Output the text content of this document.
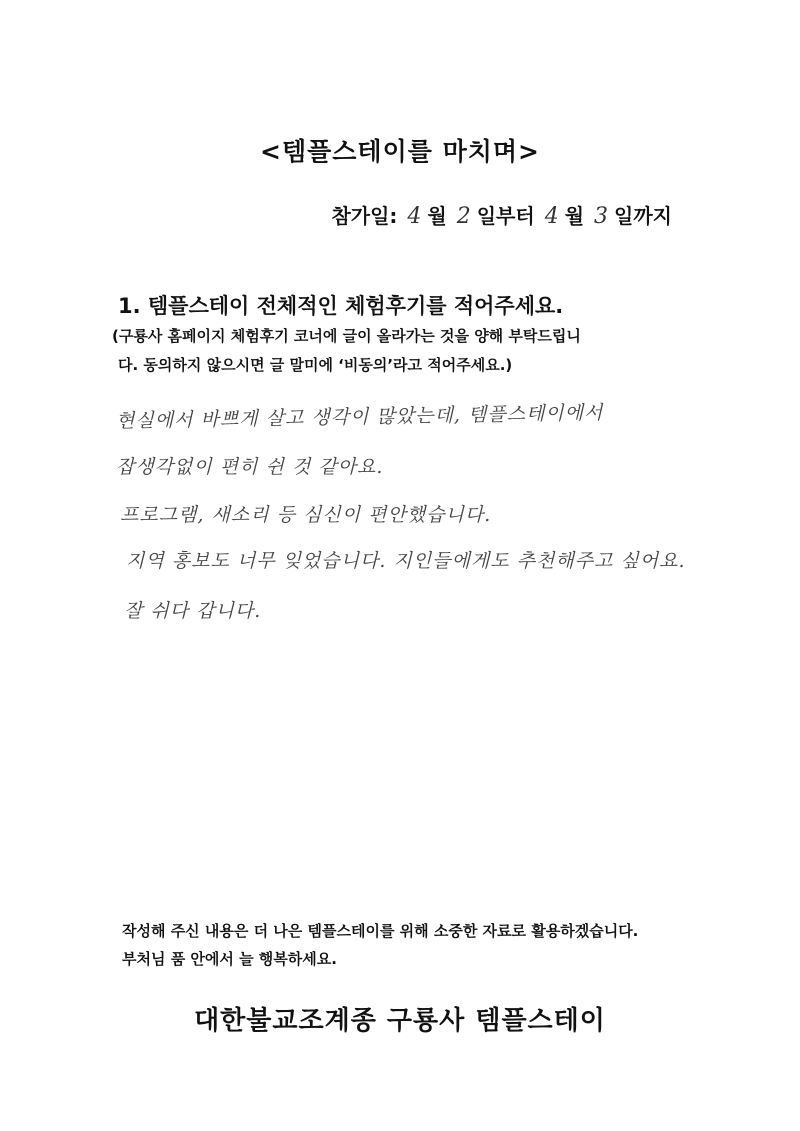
<템플스테이를 마치며>
참가일: 4 월 2 일부터 4 월 3 일까지
1. 템플스테이 전체적인 체험후기를 적어주세요.
(구룡사 홈페이지 체험후기 코너에 글이 올라가는 것을 양해 부탁드립니
다. 동의하지 않으시면 글 말미에 ‘비동의’라고 적어주세요.)
현실에서 바쁘게 살고 생각이 많았는데, 템플스테이에서
잡생각없이 편히 쉰 것 같아요.
프로그램, 새소리 등 심신이 편안했습니다.
지역 홍보도 너무 잊었습니다. 지인들에게도 추천해주고 싶어요.
잘 쉬다 갑니다.
작성해 주신 내용은 더 나은 템플스테이를 위해 소중한 자료로 활용하겠습니다.
부처님 품 안에서 늘 행복하세요.
대한불교조계종 구룡사 템플스테이
